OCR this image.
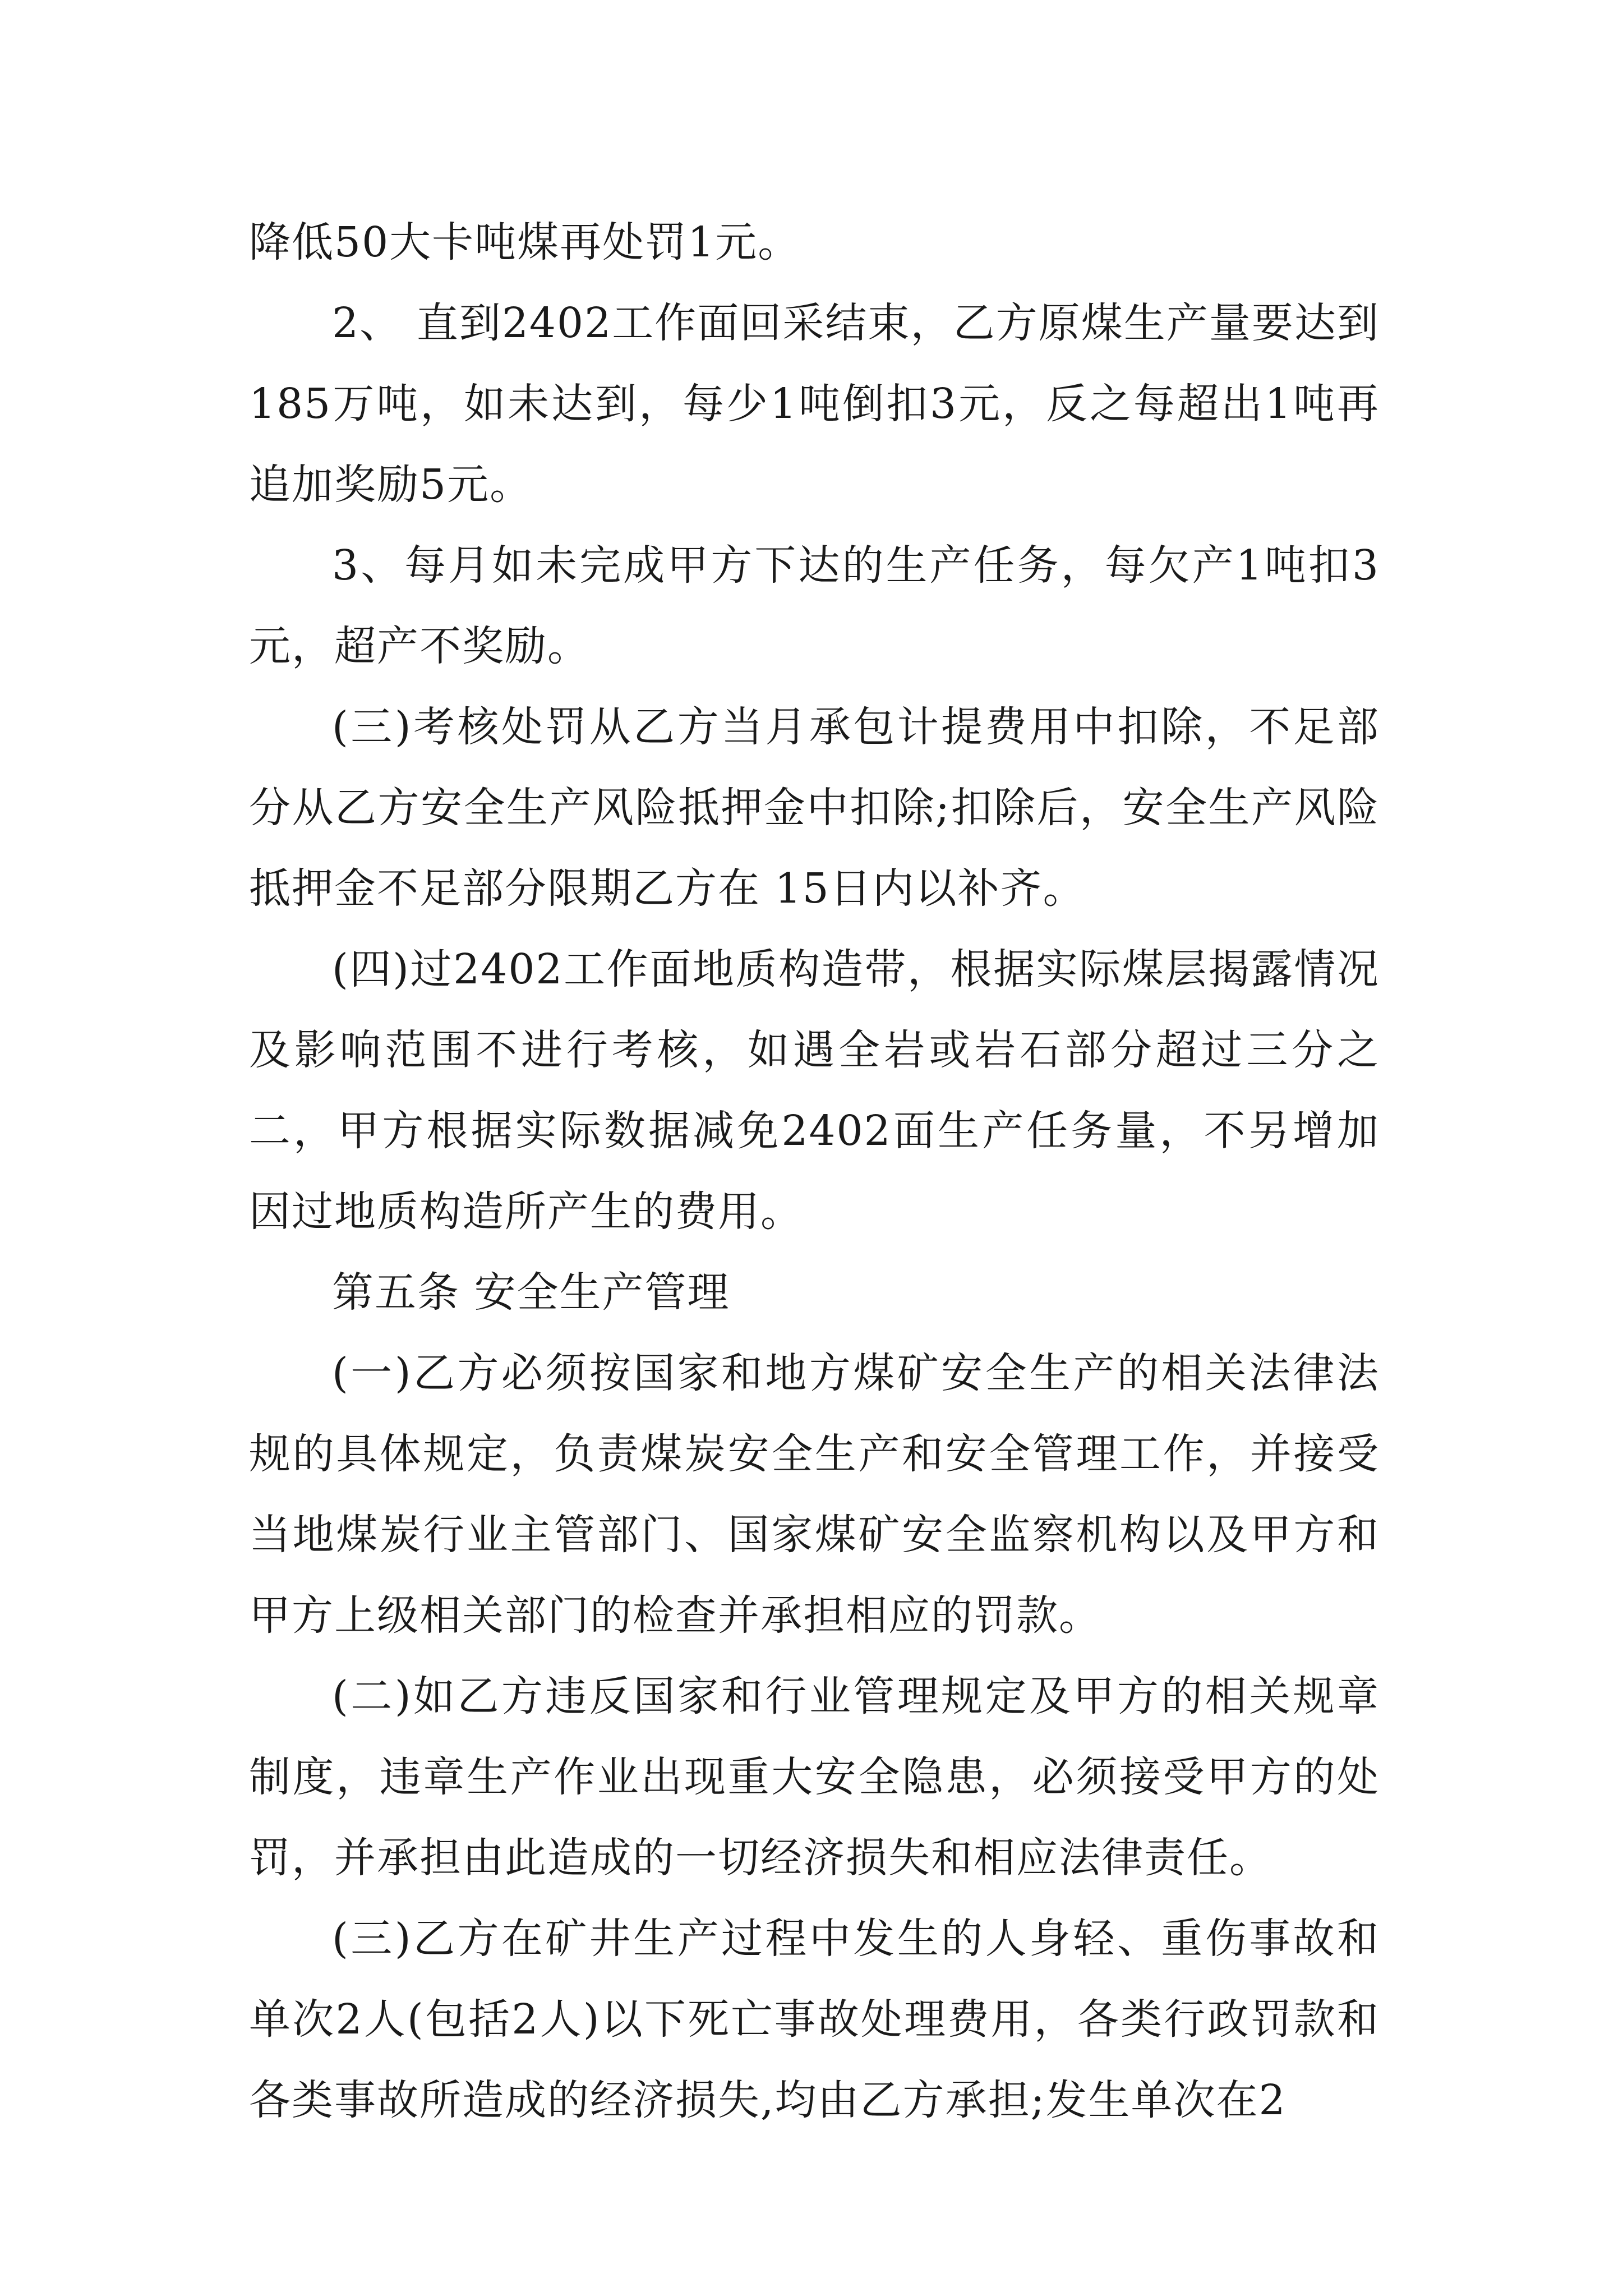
降低50大卡吨煤再处罚1元。

2、 直到2402工作面回采结束，乙方原煤生产量要达到185万吨，如未达到，每少1吨倒扣3元，反之每超出1吨再追加奖励5元。

3、每月如未完成甲方下达的生产任务，每欠产1吨扣3元，超产不奖励。

(三)考核处罚从乙方当月承包计提费用中扣除，不足部分从乙方安全生产风险抵押金中扣除;扣除后，安全生产风险抵押金不足部分限期乙方在 15日内以补齐。

(四)过2402工作面地质构造带，根据实际煤层揭露情况及影响范围不进行考核，如遇全岩或岩石部分超过三分之二，甲方根据实际数据减免2402面生产任务量，不另增加因过地质构造所产生的费用。

第五条 安全生产管理

(一)乙方必须按国家和地方煤矿安全生产的相关法律法规的具体规定，负责煤炭安全生产和安全管理工作，并接受当地煤炭行业主管部门、国家煤矿安全监察机构以及甲方和甲方上级相关部门的检查并承担相应的罚款。

(二)如乙方违反国家和行业管理规定及甲方的相关规章制度，违章生产作业出现重大安全隐患，必须接受甲方的处罚，并承担由此造成的一切经济损失和相应法律责任。

(三)乙方在矿井生产过程中发生的人身轻、重伤事故和单次2人(包括2人)以下死亡事故处理费用，各类行政罚款和各类事故所造成的经济损失,均由乙方承担;发生单次在2
